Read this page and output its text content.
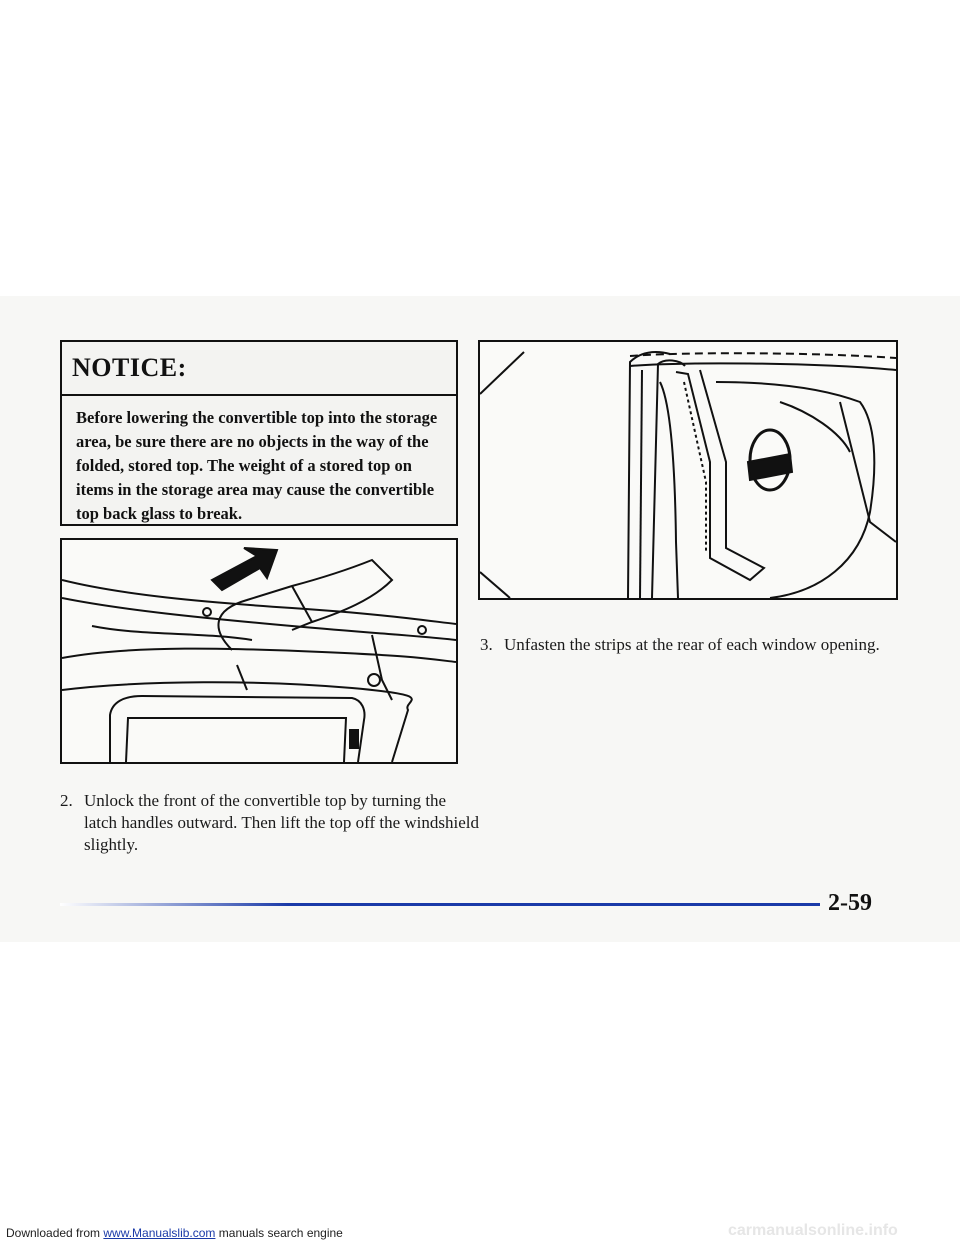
NOTICE:
Before lowering the convertible top into the storage area, be sure there are no objects in the way of the folded, stored top. The weight of a stored top on items in the storage area may cause the convertible top back glass to break.
2. Unlock the front of the convertible top by turning the latch handles outward. Then lift the top off the windshield slightly.
3. Unfasten the strips at the rear of each window opening.
2-59
Downloaded from www.Manualslib.com manuals search engine	carmanualsonline.info
